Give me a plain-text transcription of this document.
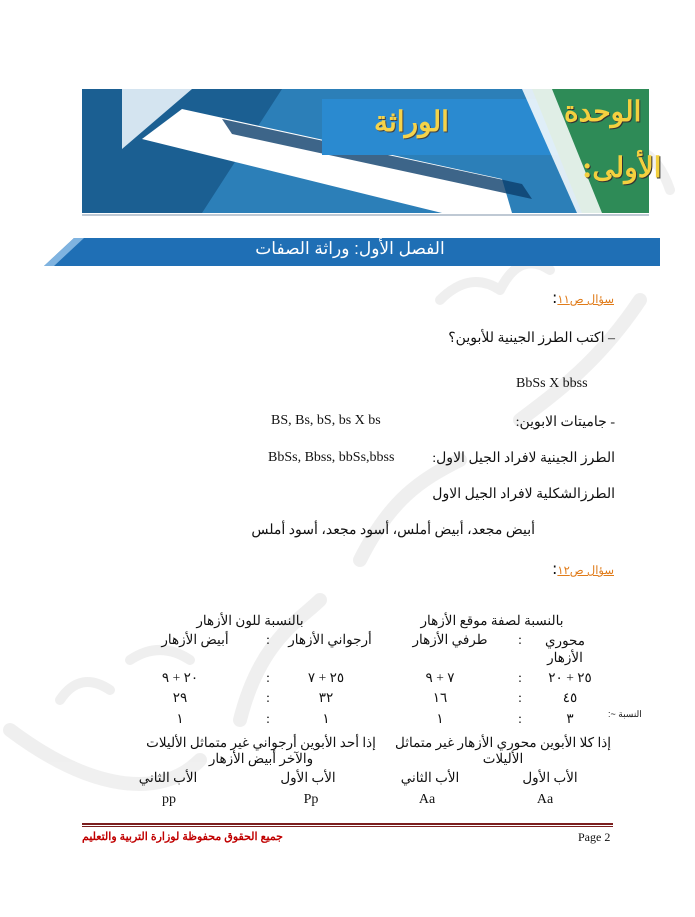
الوراثة	الوحدة
الأولى:
الفصل الأول: وراثة الصفات
سؤال ص١١:
– اكتب الطرز الجينية للأبوين؟
BbSs X bbss
- جاميتات الابوين:
BS, Bs, bS, bs X bs
الطرز الجينية لافراد الجيل الاول:
BbSs, Bbss, bbSs,bbss
الطرزالشكلية لافراد الجيل الاول
أبيض مجعد، أبيض أملس، أسود مجعد، أسود أملس
سؤال ص١٢:
بالنسبة لصفة موقع الأزهار
بالنسبة للون الأزهار
محوري الأزهار
:
طرفي الأزهار
أرجواني الأزهار
:
أبيض الأزهار
٢٥ + ٢٠
:
٧ + ٩
٢٥ + ٧
:
٢٠ + ٩
٤٥
:
١٦
٣٢
:
٢٩
النسبة ~:
٣
:
١
١
:
١
إذا كلا الأبوين محوري الأزهار غير متماثل الأليلات
إذا أحد الأبوين أرجواني غير متماثل الأليلات والآخر أبيض الأزهار
الأب الأول
الأب الثاني
الأب الأول
الأب الثاني
Aa
Aa
Pp
pp
جميع الحقوق محفوظة لوزارة التربية والتعليم	Page 2
